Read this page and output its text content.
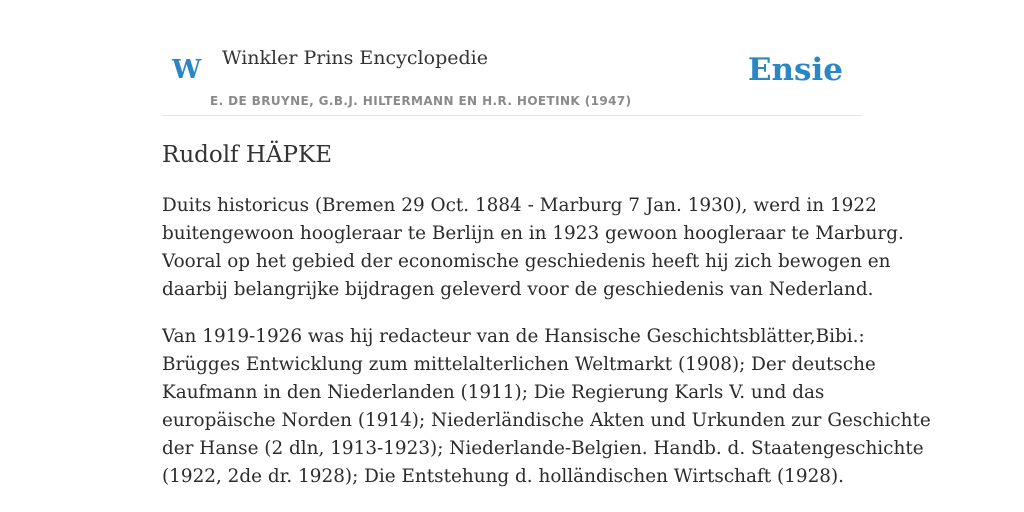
W Winkler Prins Encyclopedie
E. DE BRUYNE, G.B.J. HILTERMANN EN H.R. HOETINK (1947)
Ensie
Rudolf HÄPKE

Duits historicus (Bremen 29 Oct. 1884 - Marburg 7 Jan. 1930), werd in 1922
buitengewoon hoogleraar te Berlijn en in 1923 gewoon hoogleraar te Marburg.
Vooral op het gebied der economische geschiedenis heeft hij zich bewogen en
daarbij belangrijke bijdragen geleverd voor de geschiedenis van Nederland.

Van 1919-1926 was hij redacteur van de Hansische Geschichtsblätter,Bibi.:
Brügges Entwicklung zum mittelalterlichen Weltmarkt (1908); Der deutsche
Kaufmann in den Niederlanden (1911); Die Regierung Karls V. und das
europäische Norden (1914); Niederländische Akten und Urkunden zur Geschichte
der Hanse (2 dln, 1913-1923); Niederlande-Belgien. Handb. d. Staatengeschichte
(1922, 2de dr. 1928); Die Entstehung d. holländischen Wirtschaft (1928).
